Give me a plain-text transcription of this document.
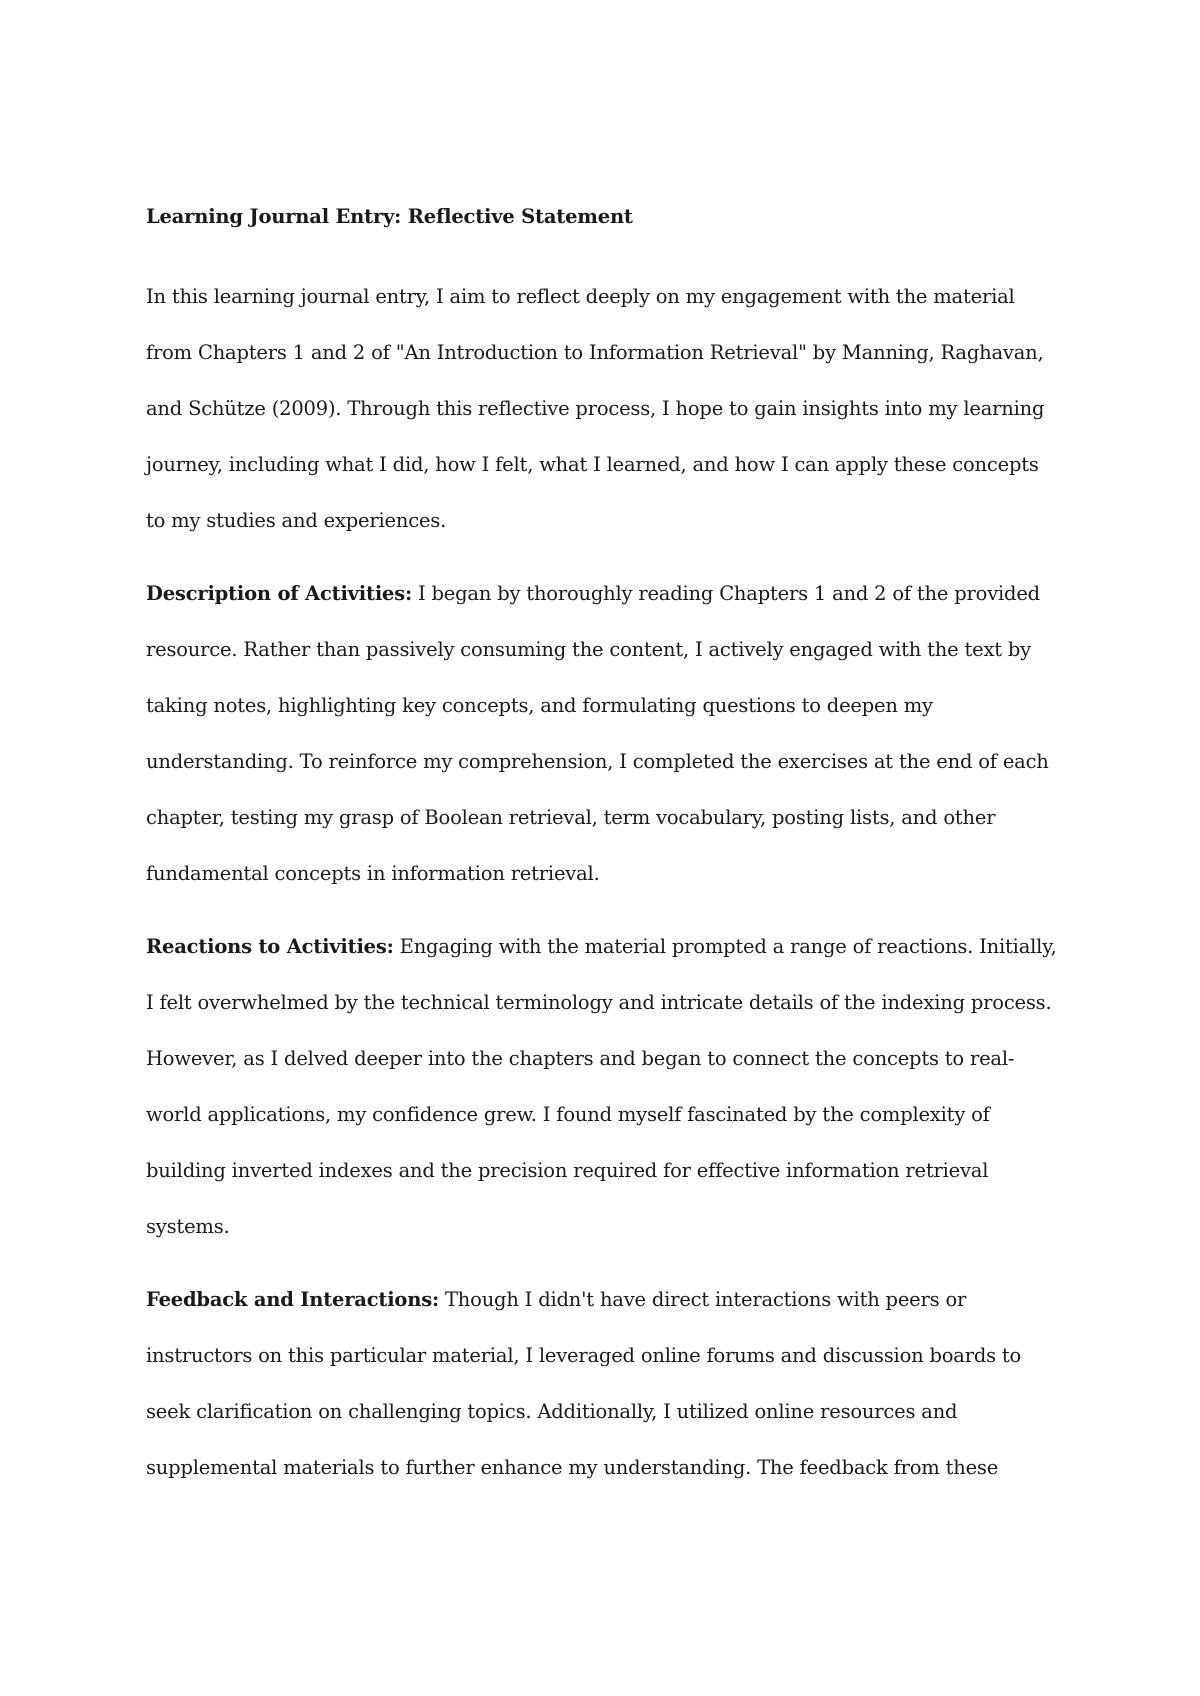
Learning Journal Entry: Reflective Statement

In this learning journal entry, I aim to reflect deeply on my engagement with the material
from Chapters 1 and 2 of "An Introduction to Information Retrieval" by Manning, Raghavan,
and Schütze (2009). Through this reflective process, I hope to gain insights into my learning
journey, including what I did, how I felt, what I learned, and how I can apply these concepts
to my studies and experiences.

Description of Activities: I began by thoroughly reading Chapters 1 and 2 of the provided
resource. Rather than passively consuming the content, I actively engaged with the text by
taking notes, highlighting key concepts, and formulating questions to deepen my
understanding. To reinforce my comprehension, I completed the exercises at the end of each
chapter, testing my grasp of Boolean retrieval, term vocabulary, posting lists, and other
fundamental concepts in information retrieval.

Reactions to Activities: Engaging with the material prompted a range of reactions. Initially,
I felt overwhelmed by the technical terminology and intricate details of the indexing process.
However, as I delved deeper into the chapters and began to connect the concepts to real-
world applications, my confidence grew. I found myself fascinated by the complexity of
building inverted indexes and the precision required for effective information retrieval
systems.

Feedback and Interactions: Though I didn't have direct interactions with peers or
instructors on this particular material, I leveraged online forums and discussion boards to
seek clarification on challenging topics. Additionally, I utilized online resources and
supplemental materials to further enhance my understanding. The feedback from these
